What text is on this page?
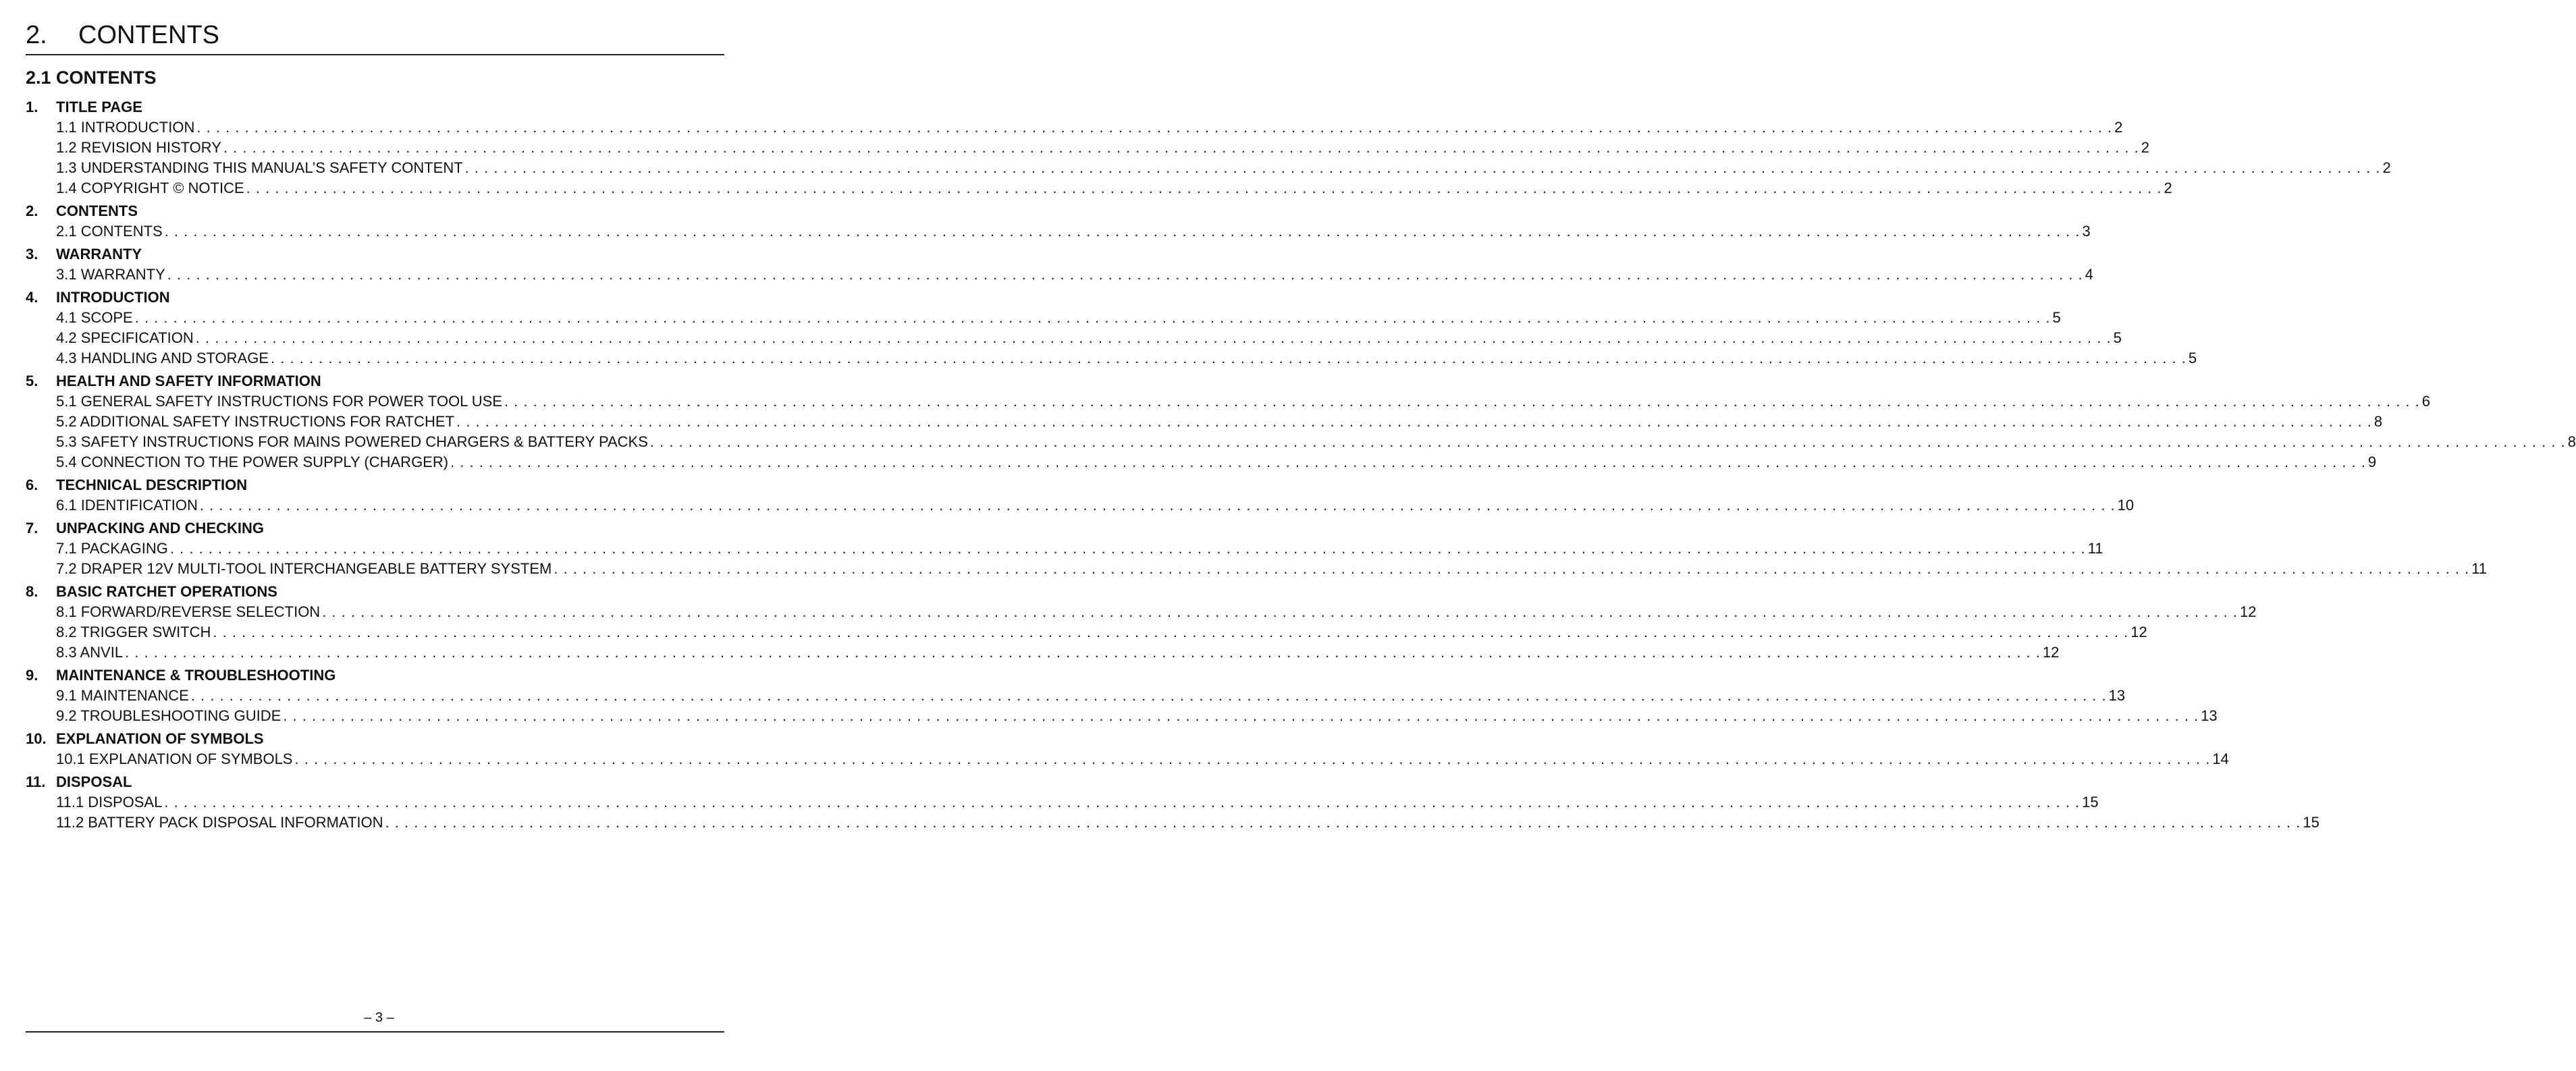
2. CONTENTS
2.1 CONTENTS
1.	TITLE PAGE
1.1 INTRODUCTION . . . . . . . . . . . . . . . . . . . . . . . . . . . . . . . . . . . . . . . . . . . . . . . . . . . . . . . . . . . . . . . . . . . . . . . . . . . . . . . . . . . . . . . . . . . . . . . . . . . . . . . . . . . . . . . . . . . . . . . . . . . . . . . . . . . . . . . . . . . . . . . . . . . . . . . . . . . . . . . . . . . . . . . . . . . . . . . . . . . . . . . . . . . . . . . . . . . . . . . . 2
1.2 REVISION HISTORY . . . . . . . . . . . . . . . . . . . . . . . . . . . . . . . . . . . . . . . . . . . . . . . . . . . . . . . . . . . . . . . . . . . . . . . . . . . . . . . . . . . . . . . . . . . . . . . . . . . . . . . . . . . . . . . . . . . . . . . . . . . . . . . . . . . . . . . . . . . . . . . . . . . . . . . . . . . . . . . . . . . . . . . . . . . . . . . . . . . . . . . . . . . . . . . . . . . . . . . . 2
1.3 UNDERSTANDING THIS MANUAL’S SAFETY CONTENT . . . . . . . . . . . . . . . . . . . . . . . . . . . . . . . . . . . . . . . . . . . . . . . . . . . . . . . . . . . . . . . . . . . . . . . . . . . . . . . . . . . . . . . . . . . . . . . . . . . . . . . . . . . . . . . . . . . . . . . . . . . . . . . . . . . . . . . . . . . . . . . . . . . . . . . . . . . . . . . . . . . . . . . . . . . . . . . . . . . . . . . . . . . . . . . . . . . . . . . . 2
1.4 COPYRIGHT © NOTICE . . . . . . . . . . . . . . . . . . . . . . . . . . . . . . . . . . . . . . . . . . . . . . . . . . . . . . . . . . . . . . . . . . . . . . . . . . . . . . . . . . . . . . . . . . . . . . . . . . . . . . . . . . . . . . . . . . . . . . . . . . . . . . . . . . . . . . . . . . . . . . . . . . . . . . . . . . . . . . . . . . . . . . . . . . . . . . . . . . . . . . . . . . . . . . . . . . . . . . . . 2
2.	CONTENTS
2.1 CONTENTS . . . . . . . . . . . . . . . . . . . . . . . . . . . . . . . . . . . . . . . . . . . . . . . . . . . . . . . . . . . . . . . . . . . . . . . . . . . . . . . . . . . . . . . . . . . . . . . . . . . . . . . . . . . . . . . . . . . . . . . . . . . . . . . . . . . . . . . . . . . . . . . . . . . . . . . . . . . . . . . . . . . . . . . . . . . . . . . . . . . . . . . . . . . . . . . . . . . . . . . . 3
3.	WARRANTY
3.1 WARRANTY . . . . . . . . . . . . . . . . . . . . . . . . . . . . . . . . . . . . . . . . . . . . . . . . . . . . . . . . . . . . . . . . . . . . . . . . . . . . . . . . . . . . . . . . . . . . . . . . . . . . . . . . . . . . . . . . . . . . . . . . . . . . . . . . . . . . . . . . . . . . . . . . . . . . . . . . . . . . . . . . . . . . . . . . . . . . . . . . . . . . . . . . . . . . . . . . . . . . . . . . 4
4.	INTRODUCTION
4.1 SCOPE . . . . . . . . . . . . . . . . . . . . . . . . . . . . . . . . . . . . . . . . . . . . . . . . . . . . . . . . . . . . . . . . . . . . . . . . . . . . . . . . . . . . . . . . . . . . . . . . . . . . . . . . . . . . . . . . . . . . . . . . . . . . . . . . . . . . . . . . . . . . . . . . . . . . . . . . . . . . . . . . . . . . . . . . . . . . . . . . . . . . . . . . . . . . . . . . . . . . . . . . 5
4.2 SPECIFICATION . . . . . . . . . . . . . . . . . . . . . . . . . . . . . . . . . . . . . . . . . . . . . . . . . . . . . . . . . . . . . . . . . . . . . . . . . . . . . . . . . . . . . . . . . . . . . . . . . . . . . . . . . . . . . . . . . . . . . . . . . . . . . . . . . . . . . . . . . . . . . . . . . . . . . . . . . . . . . . . . . . . . . . . . . . . . . . . . . . . . . . . . . . . . . . . . . . . . . . . . 5
4.3 HANDLING AND STORAGE . . . . . . . . . . . . . . . . . . . . . . . . . . . . . . . . . . . . . . . . . . . . . . . . . . . . . . . . . . . . . . . . . . . . . . . . . . . . . . . . . . . . . . . . . . . . . . . . . . . . . . . . . . . . . . . . . . . . . . . . . . . . . . . . . . . . . . . . . . . . . . . . . . . . . . . . . . . . . . . . . . . . . . . . . . . . . . . . . . . . . . . . . . . . . . . . . . . . . . . . 5
5.	HEALTH AND SAFETY INFORMATION
5.1 GENERAL SAFETY INSTRUCTIONS FOR POWER TOOL USE . . . . . . . . . . . . . . . . . . . . . . . . . . . . . . . . . . . . . . . . . . . . . . . . . . . . . . . . . . . . . . . . . . . . . . . . . . . . . . . . . . . . . . . . . . . . . . . . . . . . . . . . . . . . . . . . . . . . . . . . . . . . . . . . . . . . . . . . . . . . . . . . . . . . . . . . . . . . . . . . . . . . . . . . . . . . . . . . . . . . . . . . . . . . . . . . . . . . . . . . 6
5.2 ADDITIONAL SAFETY INSTRUCTIONS FOR RATCHET . . . . . . . . . . . . . . . . . . . . . . . . . . . . . . . . . . . . . . . . . . . . . . . . . . . . . . . . . . . . . . . . . . . . . . . . . . . . . . . . . . . . . . . . . . . . . . . . . . . . . . . . . . . . . . . . . . . . . . . . . . . . . . . . . . . . . . . . . . . . . . . . . . . . . . . . . . . . . . . . . . . . . . . . . . . . . . . . . . . . . . . . . . . . . . . . . . . . . . . . 8
5.3 SAFETY INSTRUCTIONS FOR MAINS POWERED CHARGERS & BATTERY PACKS . . . . . . . . . . . . . . . . . . . . . . . . . . . . . . . . . . . . . . . . . . . . . . . . . . . . . . . . . . . . . . . . . . . . . . . . . . . . . . . . . . . . . . . . . . . . . . . . . . . . . . . . . . . . . . . . . . . . . . . . . . . . . . . . . . . . . . . . . . . . . . . . . . . . . . . . . . . . . . . . . . . . . . . . . . . . . . . . . . . . . . . . . . . . . . . . . . . . . . . . 8
5.4 CONNECTION TO THE POWER SUPPLY (CHARGER) . . . . . . . . . . . . . . . . . . . . . . . . . . . . . . . . . . . . . . . . . . . . . . . . . . . . . . . . . . . . . . . . . . . . . . . . . . . . . . . . . . . . . . . . . . . . . . . . . . . . . . . . . . . . . . . . . . . . . . . . . . . . . . . . . . . . . . . . . . . . . . . . . . . . . . . . . . . . . . . . . . . . . . . . . . . . . . . . . . . . . . . . . . . . . . . . . . . . . . . . 9
6.	TECHNICAL DESCRIPTION
6.1 IDENTIFICATION . . . . . . . . . . . . . . . . . . . . . . . . . . . . . . . . . . . . . . . . . . . . . . . . . . . . . . . . . . . . . . . . . . . . . . . . . . . . . . . . . . . . . . . . . . . . . . . . . . . . . . . . . . . . . . . . . . . . . . . . . . . . . . . . . . . . . . . . . . . . . . . . . . . . . . . . . . . . . . . . . . . . . . . . . . . . . . . . . . . . . . . . . . . . . . . . . . . . . . . . 10
7.	UNPACKING AND CHECKING
7.1 PACKAGING . . . . . . . . . . . . . . . . . . . . . . . . . . . . . . . . . . . . . . . . . . . . . . . . . . . . . . . . . . . . . . . . . . . . . . . . . . . . . . . . . . . . . . . . . . . . . . . . . . . . . . . . . . . . . . . . . . . . . . . . . . . . . . . . . . . . . . . . . . . . . . . . . . . . . . . . . . . . . . . . . . . . . . . . . . . . . . . . . . . . . . . . . . . . . . . . . . . . . . . . 11
7.2 DRAPER 12V MULTI-TOOL INTERCHANGEABLE BATTERY SYSTEM . . . . . . . . . . . . . . . . . . . . . . . . . . . . . . . . . . . . . . . . . . . . . . . . . . . . . . . . . . . . . . . . . . . . . . . . . . . . . . . . . . . . . . . . . . . . . . . . . . . . . . . . . . . . . . . . . . . . . . . . . . . . . . . . . . . . . . . . . . . . . . . . . . . . . . . . . . . . . . . . . . . . . . . . . . . . . . . . . . . . . . . . . . . . . . . . . . . . . . . . 11
8.	BASIC RATCHET OPERATIONS
8.1 FORWARD/REVERSE SELECTION . . . . . . . . . . . . . . . . . . . . . . . . . . . . . . . . . . . . . . . . . . . . . . . . . . . . . . . . . . . . . . . . . . . . . . . . . . . . . . . . . . . . . . . . . . . . . . . . . . . . . . . . . . . . . . . . . . . . . . . . . . . . . . . . . . . . . . . . . . . . . . . . . . . . . . . . . . . . . . . . . . . . . . . . . . . . . . . . . . . . . . . . . . . . . . . . . . . . . . . . 12
8.2 TRIGGER SWITCH . . . . . . . . . . . . . . . . . . . . . . . . . . . . . . . . . . . . . . . . . . . . . . . . . . . . . . . . . . . . . . . . . . . . . . . . . . . . . . . . . . . . . . . . . . . . . . . . . . . . . . . . . . . . . . . . . . . . . . . . . . . . . . . . . . . . . . . . . . . . . . . . . . . . . . . . . . . . . . . . . . . . . . . . . . . . . . . . . . . . . . . . . . . . . . . . . . . . . . . . 12
8.3 ANVIL . . . . . . . . . . . . . . . . . . . . . . . . . . . . . . . . . . . . . . . . . . . . . . . . . . . . . . . . . . . . . . . . . . . . . . . . . . . . . . . . . . . . . . . . . . . . . . . . . . . . . . . . . . . . . . . . . . . . . . . . . . . . . . . . . . . . . . . . . . . . . . . . . . . . . . . . . . . . . . . . . . . . . . . . . . . . . . . . . . . . . . . . . . . . . . . . . . . . . . . . 12
9.	MAINTENANCE & TROUBLESHOOTING
9.1 MAINTENANCE . . . . . . . . . . . . . . . . . . . . . . . . . . . . . . . . . . . . . . . . . . . . . . . . . . . . . . . . . . . . . . . . . . . . . . . . . . . . . . . . . . . . . . . . . . . . . . . . . . . . . . . . . . . . . . . . . . . . . . . . . . . . . . . . . . . . . . . . . . . . . . . . . . . . . . . . . . . . . . . . . . . . . . . . . . . . . . . . . . . . . . . . . . . . . . . . . . . . . . . . 13
9.2 TROUBLESHOOTING GUIDE . . . . . . . . . . . . . . . . . . . . . . . . . . . . . . . . . . . . . . . . . . . . . . . . . . . . . . . . . . . . . . . . . . . . . . . . . . . . . . . . . . . . . . . . . . . . . . . . . . . . . . . . . . . . . . . . . . . . . . . . . . . . . . . . . . . . . . . . . . . . . . . . . . . . . . . . . . . . . . . . . . . . . . . . . . . . . . . . . . . . . . . . . . . . . . . . . . . . . . . . 13
10. EXPLANATION OF SYMBOLS
10.1 EXPLANATION OF SYMBOLS . . . . . . . . . . . . . . . . . . . . . . . . . . . . . . . . . . . . . . . . . . . . . . . . . . . . . . . . . . . . . . . . . . . . . . . . . . . . . . . . . . . . . . . . . . . . . . . . . . . . . . . . . . . . . . . . . . . . . . . . . . . . . . . . . . . . . . . . . . . . . . . . . . . . . . . . . . . . . . . . . . . . . . . . . . . . . . . . . . . . . . . . . . . . . . . . . . . . . . . . 14
11. DISPOSAL
11.1 DISPOSAL . . . . . . . . . . . . . . . . . . . . . . . . . . . . . . . . . . . . . . . . . . . . . . . . . . . . . . . . . . . . . . . . . . . . . . . . . . . . . . . . . . . . . . . . . . . . . . . . . . . . . . . . . . . . . . . . . . . . . . . . . . . . . . . . . . . . . . . . . . . . . . . . . . . . . . . . . . . . . . . . . . . . . . . . . . . . . . . . . . . . . . . . . . . . . . . . . . . . . . . . 15
11.2 BATTERY PACK DISPOSAL INFORMATION . . . . . . . . . . . . . . . . . . . . . . . . . . . . . . . . . . . . . . . . . . . . . . . . . . . . . . . . . . . . . . . . . . . . . . . . . . . . . . . . . . . . . . . . . . . . . . . . . . . . . . . . . . . . . . . . . . . . . . . . . . . . . . . . . . . . . . . . . . . . . . . . . . . . . . . . . . . . . . . . . . . . . . . . . . . . . . . . . . . . . . . . . . . . . . . . . . . . . . . . 15
– 3 –
